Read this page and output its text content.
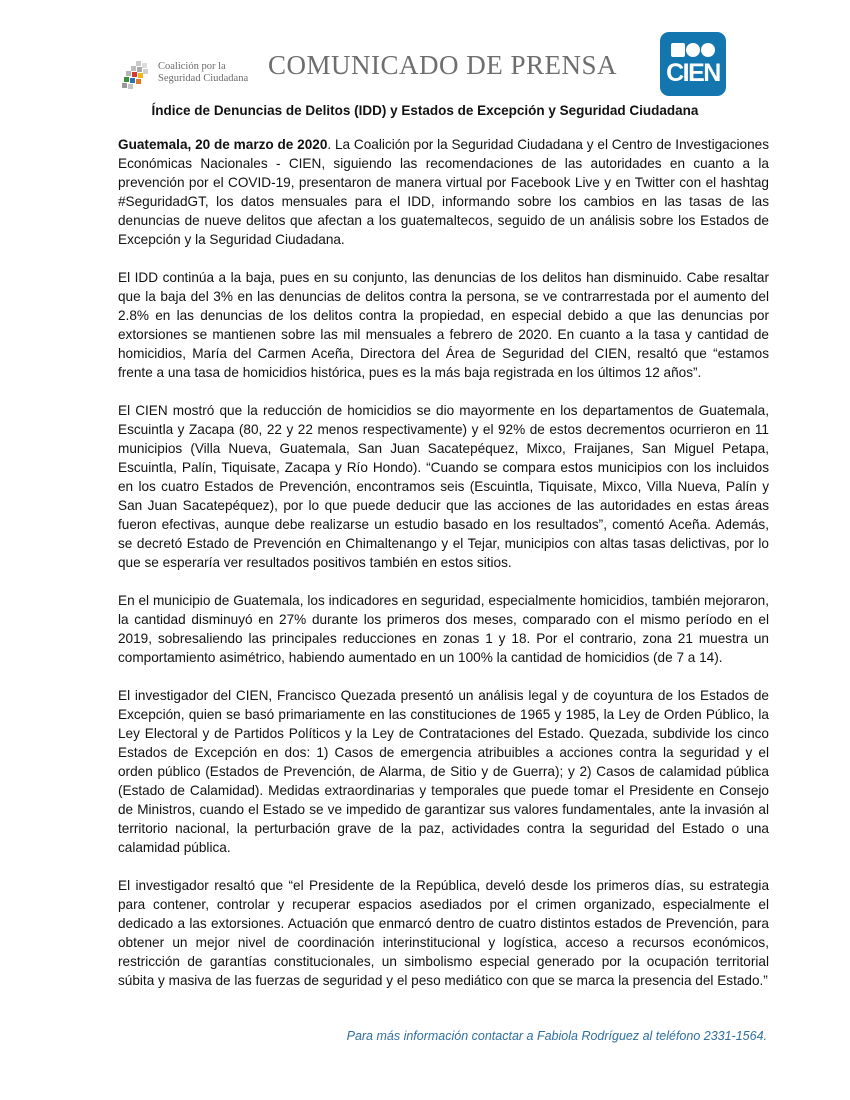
Coalición por la
Seguridad Ciudadana COMUNICADO DE PRENSA CIEN
Índice de Denuncias de Delitos (IDD) y Estados de Excepción y Seguridad Ciudadana

Guatemala, 20 de marzo de 2020. La Coalición por la Seguridad Ciudadana y el Centro de Investigaciones Económicas Nacionales - CIEN, siguiendo las recomendaciones de las autoridades en cuanto a la prevención por el COVID-19, presentaron de manera virtual por Facebook Live y en Twitter con el hashtag #SeguridadGT, los datos mensuales para el IDD, informando sobre los cambios en las tasas de las denuncias de nueve delitos que afectan a los guatemaltecos, seguido de un análisis sobre los Estados de Excepción y la Seguridad Ciudadana.

El IDD continúa a la baja, pues en su conjunto, las denuncias de los delitos han disminuido. Cabe resaltar que la baja del 3% en las denuncias de delitos contra la persona, se ve contrarrestada por el aumento del 2.8% en las denuncias de los delitos contra la propiedad, en especial debido a que las denuncias por extorsiones se mantienen sobre las mil mensuales a febrero de 2020. En cuanto a la tasa y cantidad de homicidios, María del Carmen Aceña, Directora del Área de Seguridad del CIEN, resaltó que “estamos frente a una tasa de homicidios histórica, pues es la más baja registrada en los últimos 12 años”.

El CIEN mostró que la reducción de homicidios se dio mayormente en los departamentos de Guatemala, Escuintla y Zacapa (80, 22 y 22 menos respectivamente) y el 92% de estos decrementos ocurrieron en 11 municipios (Villa Nueva, Guatemala, San Juan Sacatepéquez, Mixco, Fraijanes, San Miguel Petapa, Escuintla, Palín, Tiquisate, Zacapa y Río Hondo). “Cuando se compara estos municipios con los incluidos en los cuatro Estados de Prevención, encontramos seis (Escuintla, Tiquisate, Mixco, Villa Nueva, Palín y San Juan Sacatepéquez), por lo que puede deducir que las acciones de las autoridades en estas áreas fueron efectivas, aunque debe realizarse un estudio basado en los resultados”, comentó Aceña. Además, se decretó Estado de Prevención en Chimaltenango y el Tejar, municipios con altas tasas delictivas, por lo que se esperaría ver resultados positivos también en estos sitios.

En el municipio de Guatemala, los indicadores en seguridad, especialmente homicidios, también mejoraron, la cantidad disminuyó en 27% durante los primeros dos meses, comparado con el mismo período en el 2019, sobresaliendo las principales reducciones en zonas 1 y 18. Por el contrario, zona 21 muestra un comportamiento asimétrico, habiendo aumentado en un 100% la cantidad de homicidios (de 7 a 14).

El investigador del CIEN, Francisco Quezada presentó un análisis legal y de coyuntura de los Estados de Excepción, quien se basó primariamente en las constituciones de 1965 y 1985, la Ley de Orden Público, la Ley Electoral y de Partidos Políticos y la Ley de Contrataciones del Estado. Quezada, subdivide los cinco Estados de Excepción en dos: 1) Casos de emergencia atribuibles a acciones contra la seguridad y el orden público (Estados de Prevención, de Alarma, de Sitio y de Guerra); y 2) Casos de calamidad pública (Estado de Calamidad). Medidas extraordinarias y temporales que puede tomar el Presidente en Consejo de Ministros, cuando el Estado se ve impedido de garantizar sus valores fundamentales, ante la invasión al territorio nacional, la perturbación grave de la paz, actividades contra la seguridad del Estado o una calamidad pública.

El investigador resaltó que “el Presidente de la República, develó desde los primeros días, su estrategia para contener, controlar y recuperar espacios asediados por el crimen organizado, especialmente el dedicado a las extorsiones. Actuación que enmarcó dentro de cuatro distintos estados de Prevención, para obtener un mejor nivel de coordinación interinstitucional y logística, acceso a recursos económicos, restricción de garantías constitucionales, un simbolismo especial generado por la ocupación territorial súbita y masiva de las fuerzas de seguridad y el peso mediático con que se marca la presencia del Estado.”

Para más información contactar a Fabiola Rodríguez al teléfono 2331-1564.
